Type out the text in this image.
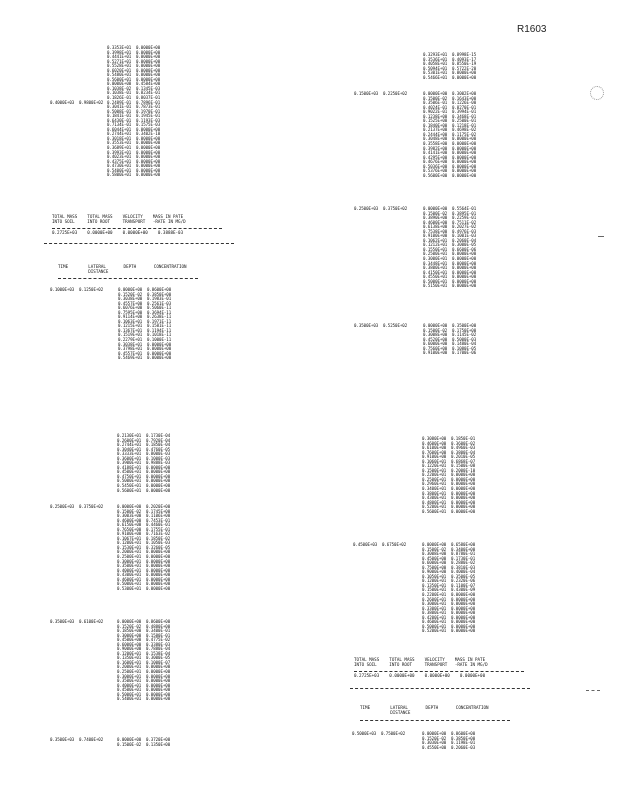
R1603
0.3353E+01  0.0000E+00
0.3998E+01  0.0000E+00
0.4441E+01  0.0000E+00
0.5271E+01  0.0000E+00
0.5528E+01  0.0000E+00
0.6020E+01  0.0000E+00
0.5480E+01  0.0000E+00
0.5600E+01  0.0000E+00
0.0000E+00  0.4584E+00
0.1038E-02  0.1345E-03
0.1038E-01  0.8234E-01
0.1826E-01  0.8037E-01
0.2489E-01  0.7896E-01
0.3041E-01  0.7873E-01
0.5008E-01  0.1970E-01
0.1841E-01  0.1945E-01
0.6430E-01  0.1193E-03
0.7134E-01  0.1575E-03
0.6044E+01  0.0000E+00
0.2744E+01  0.3402E-10
0.3018E+01  0.0000E+00
0.3553E+01  0.0000E+00
0.3689E+01  0.0000E+00
0.3993E+01  0.0000E+00
0.4023E+01  0.0000E+00
0.4375E+01  0.0000E+00
0.4730E+01  0.0000E+00
0.5400E+01  0.0000E+00
0.5800E+01  0.0000E+00
0.4000E+03  0.9800E+02
TOTAL MASS    TOTAL MASS    VELOCITY    MASS IN PATE
INTO SOIL     INTO ROOT     TRANSPORT   -RATE IN MG/D
0.2725E+03    0.0000E+00    0.0000E+00    0.3888E-03
TIME        LATERAL       DEPTH       CONCENTRATION
DISTANCE
0.1000E+03  0.1250E+02	0.0000E+00  0.8600E+00
0.1520E-02  0.3850E+00
0.3038E+00  0.1983E-01
0.4557E+00  0.2561E-03
0.6076E+00  0.5060E-11
0.7595E+00  0.3694E-11
0.9114E+00  0.2638E-11
0.1063E+01  0.1971E-11
0.1215E+01  0.1581E-11
0.1367E+01  0.1194E-11
0.1519E+01  0.1018E-11
0.2279E+01  0.1000E-11
0.3038E+01  0.0000E+00
0.3798E+01  0.0000E+00
0.4557E+01  0.0000E+00
0.5469E+01  0.0000E+00
0.3293E+01  0.8998E-15
0.3536E+01  0.4093E-17
0.4058E+01  0.8550E-19
0.5094E+01  0.5722E-20
0.5301E+01  0.0000E+00
0.5466E+01  0.0000E+00
0.1500E+03  0.2250E+02	0.0000E+00  0.3002E+00
0.1500E-02  0.1643E+00
0.3506E-01  0.1226E-00
0.4024E-01  0.8270E-01
0.9022E-01  0.3994E-01
0.1238E+00  0.3468E-01
0.1525E+00  0.2500E-01
0.1840E+00  0.1218E-01
0.2137E+00  0.4698E-02
0.2444E+00  0.1175E-02
0.3048E+00  0.0000E+00
0.3558E+00  0.0000E+00
0.3982E+00  0.0000E+00
0.4141E+00  0.0000E+00
0.4295E+00  0.0000E+00
0.4676E+00  0.0000E+00
0.5036E+00  0.0000E+00
0.5376E+00  0.0000E+00
0.5600E+00  0.0000E+00
0.2500E+03  0.3750E+02	0.0000E+00  0.5564E-01
0.1500E-02  0.3895E-01
0.3890E+00  0.2259E-01
0.4600E+00  0.7511E-02
0.6138E+00  0.2027E-02
0.7538E+00  0.4976E-03
0.9100E+00  0.1001E-03
0.1062E+01  0.2060E-04
0.1212E+01  0.3000E-05
0.1550E+01  0.6600E-06
0.2500E+01  0.0000E+00
0.3000E+01  0.0000E+00
0.3448E+01  0.0000E+00
0.3800E+01  0.0000E+00
0.4150E+01  0.0000E+00
0.4550E+01  0.0000E+00
0.5000E+01  0.0000E+00
0.5150E+01  0.0000E+00
0.3500E+03  0.5250E+02	0.0000E+00  0.3500E+00
0.1500E-02  0.1750E+00
0.3008E+00  0.1145E-02
0.4520E+00  0.5000E-03
0.6000E+00  0.1480E-04
0.7560E+00  0.1080E-05
0.9100E+00  0.1700E-06
0.2130E+01  0.1730E-04
0.2600E+01  0.7920E-04
0.2744E+01  0.1850E-04
0.3040E+01  0.4760E-05
0.3333E+01  0.8000E-03
0.3600E+01  0.1000E-03
0.3900E+01  0.9888E-03
0.4188E+01  0.0000E+00
0.4500E+01  0.0000E+00
0.4750E+01  0.0000E+00
0.5000E+01  0.0000E+00
0.5450E+01  0.0000E+00
0.5600E+01  0.0000E+00
0.2500E+03  0.3750E+02	0.0000E+00  0.2020E+00
0.1500E-02  0.1745E+00
0.3003E+00  0.1106E+00
0.4600E+00  0.7453E-01
0.6150E+00  0.4460E-01
0.7650E+00  0.1755E-01
0.9100E+00  0.7163E-02
0.1067E+01  0.1850E-02
0.1200E+01  0.1050E-03
0.1530E+01  0.3260E-05
0.2000E+01  0.0000E+00
0.2500E+01  0.0000E+00
0.3000E+01  0.0000E+00
0.3500E+01  0.0000E+00
0.4000E+01  0.0000E+00
0.4300E+01  0.0000E+00
0.4600E+01  0.0000E+00
0.5000E+01  0.0000E+00
0.5300E+01  0.0000E+00
0.3500E+03  0.6100E+02	0.0000E+00  0.8600E+00
0.1520E-02  0.4880E+00
0.1850E+00  0.3400E-01
0.3000E+00  0.1580E-01
0.4500E+00  0.4775E-02
0.6000E+00  0.3380E-03
0.9000E+00  0.7880E-04
0.1200E+01  0.1538E-04
0.1350E+01  0.3000E-05
0.1600E+01  0.1000E-07
0.2000E+01  0.0000E+00
0.2500E+01  0.0000E+00
0.3000E+01  0.0000E+00
0.3500E+01  0.0000E+00
0.4000E+01  0.0000E+00
0.4500E+01  0.0000E+00
0.5000E+01  0.0000E+00
0.5400E+01  0.0000E+00
0.3500E+03  0.7400E+02	0.0000E+00  0.3720E+00
0.1500E-02  0.1350E+00
0.3080E+00  0.1850E-01
0.4600E+00  0.3600E-02
0.6100E+00  0.4960E-03
0.7600E+00  0.3800E-04
0.9100E+00  0.2010E-05
0.1060E+01  0.6868E-07
0.1220E+01  0.1500E-08
0.1500E+01  0.2000E-10
0.2200E+01  0.0000E+00
0.2500E+01  0.0000E+00
0.2960E+01  0.0000E+00
0.3400E+01  0.0000E+00
0.3800E+01  0.0000E+00
0.4300E+01  0.0000E+00
0.4800E+01  0.0000E+00
0.5200E+01  0.0000E+00
0.5600E+01  0.0000E+00
0.4500E+03  0.6750E+02	0.0000E+00  0.6580E+00
0.1500E-02  0.3400E+00
0.3008E+00  0.8780E-01
0.4500E+00  0.1730E-01
0.6000E+00  0.2880E-02
0.7500E+00  0.3810E-03
0.9000E+00  0.4000E-04
0.1050E+01  0.3500E-05
0.1200E+01  0.2320E-06
0.1350E+01  0.1100E-07
0.1500E+01  0.4300E-09
0.2200E+01  0.0000E+00
0.2600E+01  0.0000E+00
0.3000E+01  0.0000E+00
0.3300E+01  0.0000E+00
0.3800E+01  0.0000E+00
0.4200E+01  0.0000E+00
0.4600E+01  0.0000E+00
0.5000E+01  0.0000E+00
0.5200E+01  0.0000E+00
TOTAL MASS    TOTAL MASS    VELOCITY    MASS IN PATE
INTO SOIL     INTO ROOT     TRANSPORT   -RATE IN MG/D
0.2725E+03    0.0000E+00    0.0000E+00    0.0000E+00
TIME        LATERAL       DEPTH       CONCENTRATION
DISTANCE
0.5000E+03  0.7500E+02	0.0000E+00  0.8600E+00
0.1520E-02  0.3850E+00
0.3030E+00  0.1198E-01
0.4550E+00  0.2060E-03
